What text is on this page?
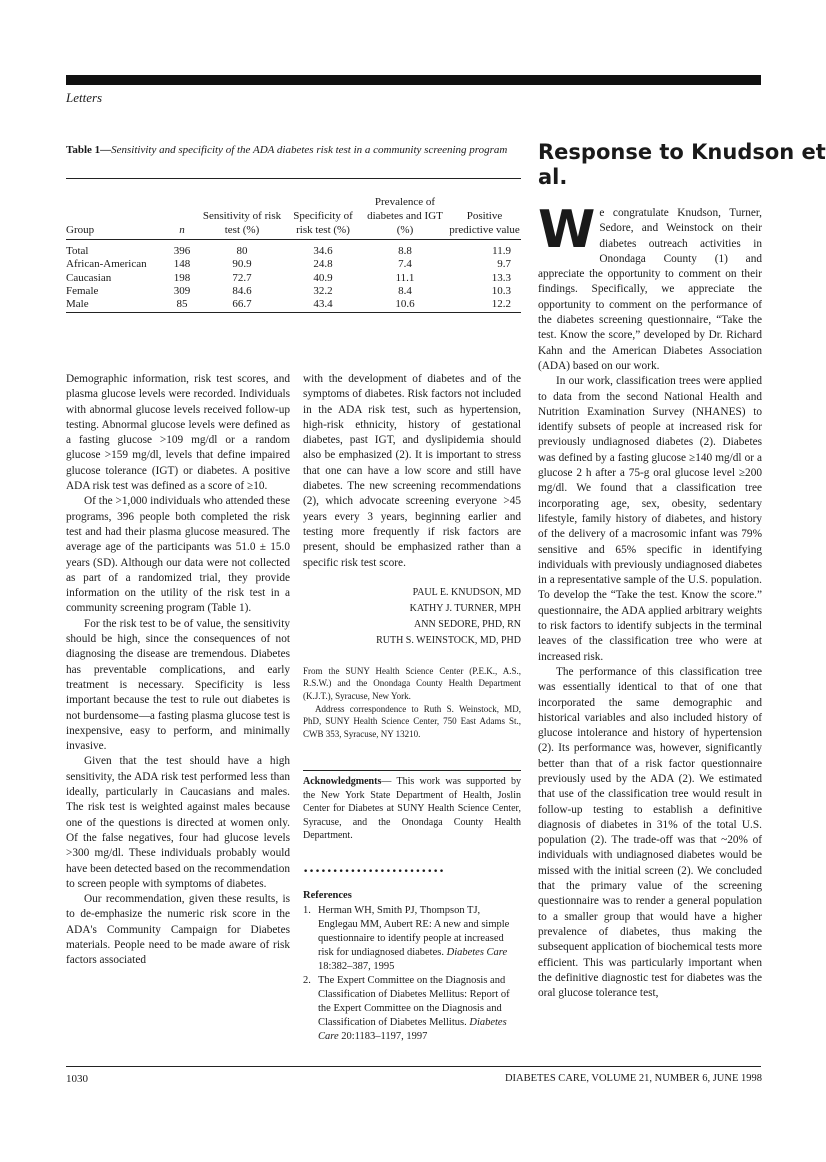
Letters
Table 1—Sensitivity and specificity of the ADA diabetes risk test in a community screening program
Group	n	Sensitivity of risk test (%)	Specificity of risk test (%)	Prevalence of diabetes and IGT (%)	Positive predictive value
Total	396	80	34.6	8.8	11.9
African-American	148	90.9	24.8	7.4	9.7
Caucasian	198	72.7	40.9	11.1	13.3
Female	309	84.6	32.2	8.4	10.3
Male	85	66.7	43.4	10.6	12.2
Response to Knudson et al.

Demographic information, risk test scores, and plasma glucose levels were recorded. Individuals with abnormal glucose levels received follow-up testing. Abnormal glucose levels were defined as a fasting glucose >109 mg/dl or a random glucose >159 mg/dl, levels that define impaired glucose tolerance (IGT) or diabetes. A positive ADA risk test was defined as a score of ≥10.

Of the >1,000 individuals who attended these programs, 396 people both completed the risk test and had their plasma glucose measured. The average age of the participants was 51.0 ± 15.0 years (SD). Although our data were not collected as part of a randomized trial, they provide information on the utility of the risk test in a community screening program (Table 1).

For the risk test to be of value, the sensitivity should be high, since the consequences of not diagnosing the disease are tremendous. Diabetes has preventable complications, and early treatment is necessary. Specificity is less important because the test to rule out diabetes is not burdensome—a fasting plasma glucose test is inexpensive, easy to perform, and minimally invasive.

Given that the test should have a high sensitivity, the ADA risk test performed less than ideally, particularly in Caucasians and males. The risk test is weighted against males because one of the questions is directed at women only. Of the false negatives, four had glucose levels >300 mg/dl. These individuals probably would have been detected based on the recommendation to screen people with symptoms of diabetes.

Our recommendation, given these results, is to de-emphasize the numeric risk score in the ADA's Community Campaign for Diabetes materials. People need to be made aware of risk factors associated

with the development of diabetes and of the symptoms of diabetes. Risk factors not included in the ADA risk test, such as hypertension, high-risk ethnicity, history of gestational diabetes, past IGT, and dyslipidemia should also be emphasized (2). It is important to stress that one can have a low score and still have diabetes. The new screening recommendations (2), which advocate screening everyone >45 years every 3 years, beginning earlier and testing more frequently if risk factors are present, should be emphasized rather than a specific risk test score.

PAUL E. KNUDSON, MD
KATHY J. TURNER, MPH
ANN SEDORE, PHD, RN
RUTH S. WEINSTOCK, MD, PHD
From the SUNY Health Science Center (P.E.K., A.S., R.S.W.) and the Onondaga County Health Department (K.J.T.), Syracuse, New York.
Address correspondence to Ruth S. Weinstock, MD, PhD, SUNY Health Science Center, 750 East Adams St., CWB 353, Syracuse, NY 13210.
Acknowledgments— This work was supported by the New York State Department of Health, Joslin Center for Diabetes at SUNY Health Science Center, Syracuse, and the Onondaga County Health Department.
••••••••••••••••••••••••
References
1. Herman WH, Smith PJ, Thompson TJ, Englegau MM, Aubert RE: A new and simple questionnaire to identify people at increased risk for undiagnosed diabetes. Diabetes Care 18:382–387, 1995
2. The Expert Committee on the Diagnosis and Classification of Diabetes Mellitus: Report of the Expert Committee on the Diagnosis and Classification of Diabetes Mellitus. Diabetes Care 20:1183–1197, 1997

We congratulate Knudson, Turner, Sedore, and Weinstock on their diabetes outreach activities in Onondaga County (1) and appreciate the opportunity to comment on their findings. Specifically, we appreciate the opportunity to comment on the performance of the diabetes screening questionnaire, “Take the test. Know the score,” developed by Dr. Richard Kahn and the American Diabetes Association (ADA) based on our work.

In our work, classification trees were applied to data from the second National Health and Nutrition Examination Survey (NHANES) to identify subsets of people at increased risk for previously undiagnosed diabetes (2). Diabetes was defined by a fasting glucose ≥140 mg/dl or a glucose 2 h after a 75-g oral glucose level ≥200 mg/dl. We found that a classification tree incorporating age, sex, obesity, sedentary lifestyle, family history of diabetes, and history of the delivery of a macrosomic infant was 79% sensitive and 65% specific in identifying individuals with previously undiagnosed diabetes in a representative sample of the U.S. population. To develop the “Take the test. Know the score.” questionnaire, the ADA applied arbitrary weights to risk factors to identify subjects in the terminal leaves of the classification tree who were at increased risk.

The performance of this classification tree was essentially identical to that of one that incorporated the same demographic and historical variables and also included history of glucose intolerance and history of hypertension (2). Its performance was, however, significantly better than that of a risk factor questionnaire previously used by the ADA (2). We estimated that use of the classification tree would result in follow-up testing to establish a definitive diagnosis of diabetes in 31% of the total U.S. population (2). The trade-off was that ~20% of individuals with undiagnosed diabetes would be missed with the initial screen (2). We concluded that the primary value of the screening questionnaire was to render a general population to a smaller group that would have a higher prevalence of diabetes, thus making the subsequent application of biochemical tests more efficient. This was particularly important when the definitive diagnostic test for diabetes was the oral glucose tolerance test,

1030	DIABETES CARE, VOLUME 21, NUMBER 6, JUNE 1998
